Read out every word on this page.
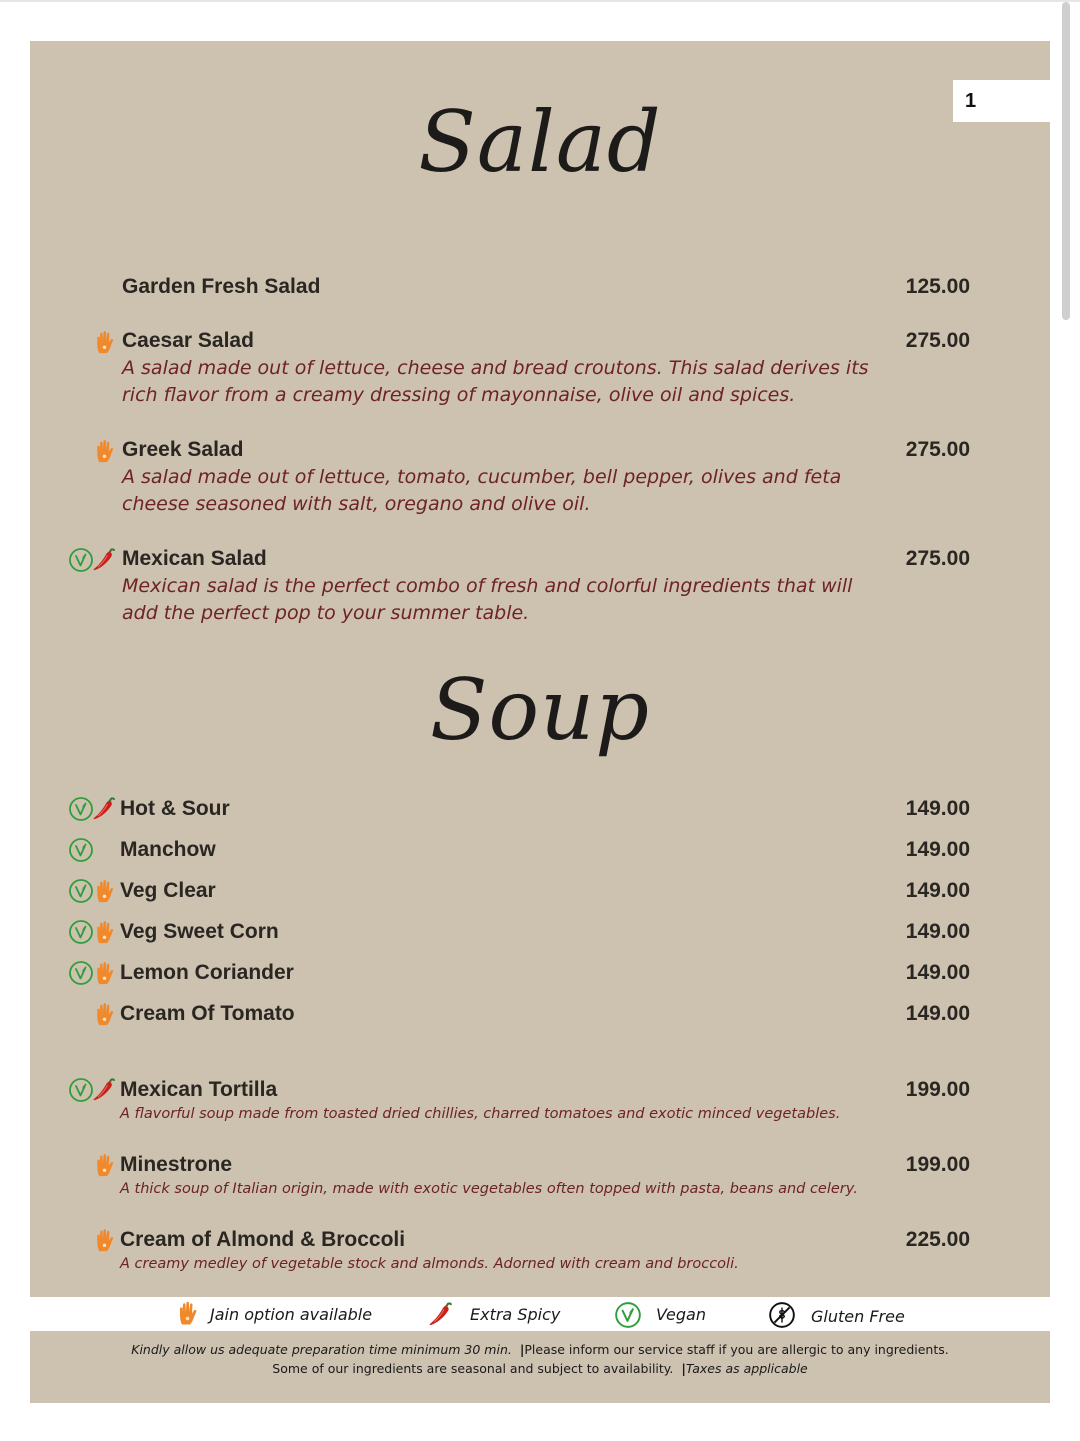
1
Salad
Garden Fresh Salad	125.00
Caesar Salad	275.00
A salad made out of lettuce, cheese and bread croutons. This salad derives its rich flavor from a creamy dressing of mayonnaise, olive oil and spices.
Greek Salad	275.00
A salad made out of lettuce, tomato, cucumber, bell pepper, olives and feta cheese seasoned with salt, oregano and olive oil.
Mexican Salad	275.00
Mexican salad is the perfect combo of fresh and colorful ingredients that will add the perfect pop to your summer table.
Soup
Hot & Sour	149.00
Manchow	149.00
Veg Clear	149.00
Veg Sweet Corn	149.00
Lemon Coriander	149.00
Cream Of Tomato	149.00
Mexican Tortilla	199.00
A flavorful soup made from toasted dried chillies, charred tomatoes and exotic minced vegetables.
Minestrone	199.00
A thick soup of Italian origin, made with exotic vegetables often topped with pasta, beans and celery.
Cream of Almond & Broccoli	225.00
A creamy medley of vegetable stock and almonds. Adorned with cream and broccoli.
Jain option available	Extra Spicy	Vegan	Gluten Free
Kindly allow us adequate preparation time minimum 30 min. |Please inform our service staff if you are allergic to any ingredients.
Some of our ingredients are seasonal and subject to availability. |Taxes as applicable
